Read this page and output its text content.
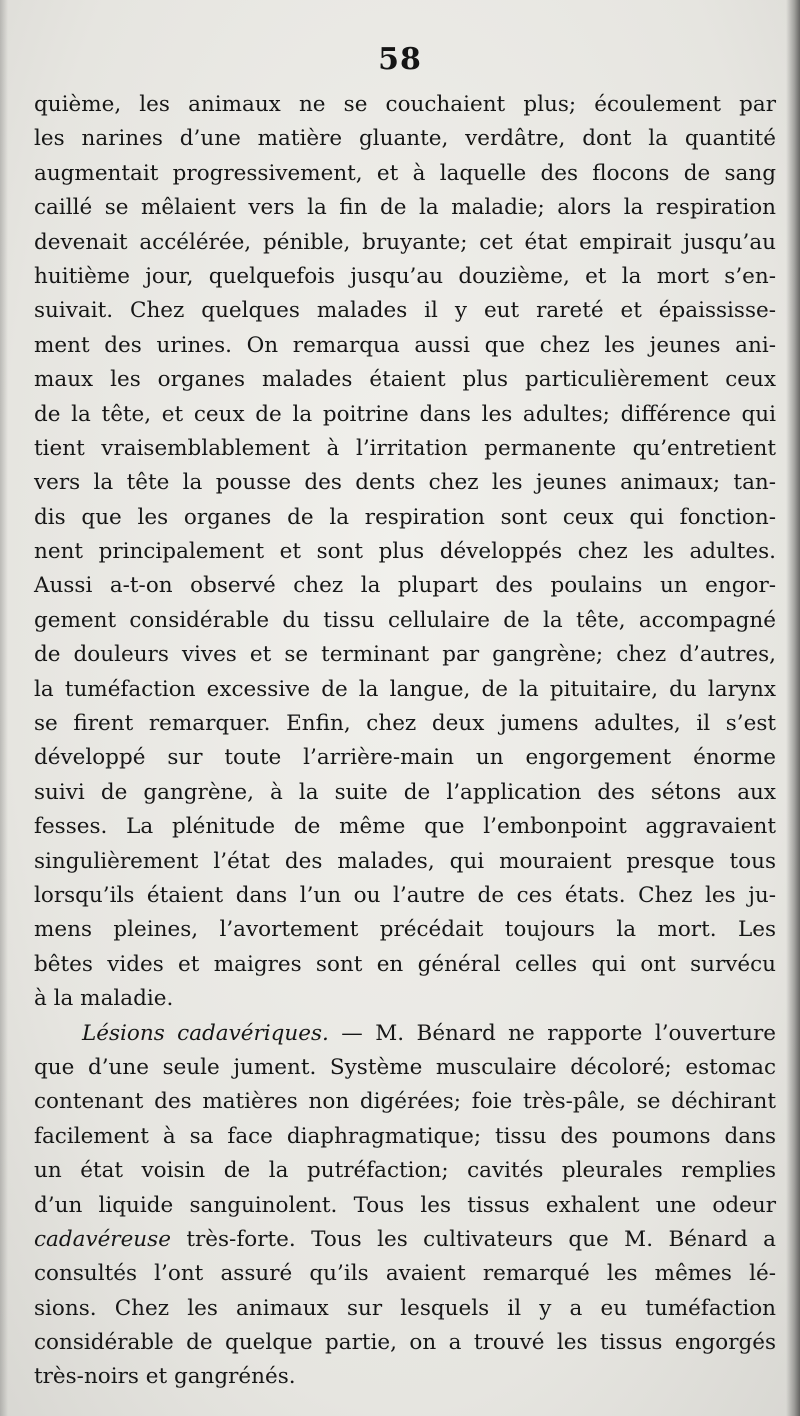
58
quième, les animaux ne se couchaient plus; écoulement par
les narines d’une matière gluante, verdâtre, dont la quantité
augmentait progressivement, et à laquelle des flocons de sang
caillé se mêlaient vers la fin de la maladie; alors la respiration
devenait accélérée, pénible, bruyante; cet état empirait jusqu’au
huitième jour, quelquefois jusqu’au douzième, et la mort s’en-
suivait. Chez quelques malades il y eut rareté et épaississe-
ment des urines. On remarqua aussi que chez les jeunes ani-
maux les organes malades étaient plus particulièrement ceux
de la tête, et ceux de la poitrine dans les adultes; différence qui
tient vraisemblablement à l’irritation permanente qu’entretient
vers la tête la pousse des dents chez les jeunes animaux; tan-
dis que les organes de la respiration sont ceux qui fonction-
nent principalement et sont plus développés chez les adultes.
Aussi a-t-on observé chez la plupart des poulains un engor-
gement considérable du tissu cellulaire de la tête, accompagné
de douleurs vives et se terminant par gangrène; chez d’autres,
la tuméfaction excessive de la langue, de la pituitaire, du larynx
se firent remarquer. Enfin, chez deux jumens adultes, il s’est
développé sur toute l’arrière-main un engorgement énorme
suivi de gangrène, à la suite de l’application des sétons aux
fesses. La plénitude de même que l’embonpoint aggravaient
singulièrement l’état des malades, qui mouraient presque tous
lorsqu’ils étaient dans l’un ou l’autre de ces états. Chez les ju-
mens pleines, l’avortement précédait toujours la mort. Les
bêtes vides et maigres sont en général celles qui ont survécu
à la maladie.
Lésions cadavériques. — M. Bénard ne rapporte l’ouverture
que d’une seule jument. Système musculaire décoloré; estomac
contenant des matières non digérées; foie très-pâle, se déchirant
facilement à sa face diaphragmatique; tissu des poumons dans
un état voisin de la putréfaction; cavités pleurales remplies
d’un liquide sanguinolent. Tous les tissus exhalent une odeur
cadavéreuse très-forte. Tous les cultivateurs que M. Bénard a
consultés l’ont assuré qu’ils avaient remarqué les mêmes lé-
sions. Chez les animaux sur lesquels il y a eu tuméfaction
considérable de quelque partie, on a trouvé les tissus engorgés
très-noirs et gangrénés.
